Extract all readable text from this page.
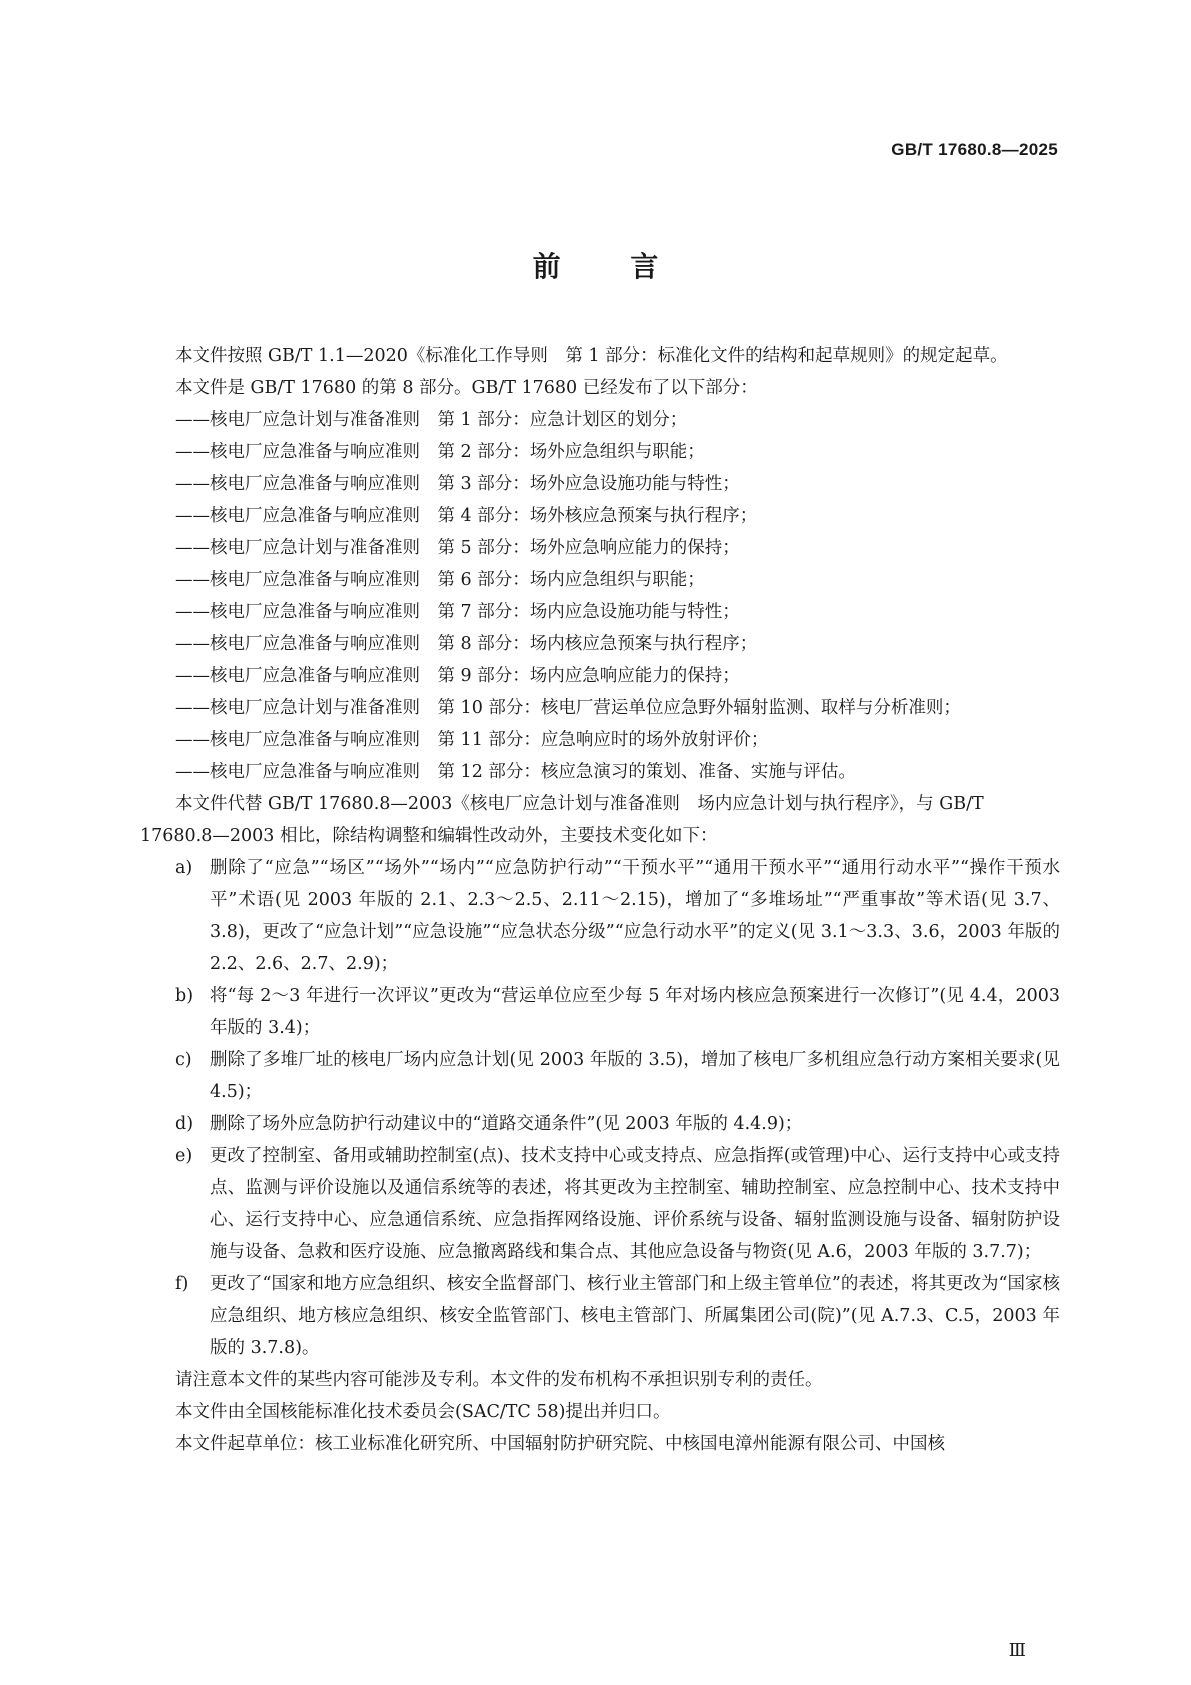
GB/T 17680.8—2025
前 言

本文件按照 GB/T 1.1—2020《标准化工作导则　第 1 部分：标准化文件的结构和起草规则》的规定起草。

本文件是 GB/T 17680 的第 8 部分。GB/T 17680 已经发布了以下部分：

——核电厂应急计划与准备准则　第 1 部分：应急计划区的划分；

——核电厂应急准备与响应准则　第 2 部分：场外应急组织与职能；

——核电厂应急准备与响应准则　第 3 部分：场外应急设施功能与特性；

——核电厂应急准备与响应准则　第 4 部分：场外核应急预案与执行程序；

——核电厂应急计划与准备准则　第 5 部分：场外应急响应能力的保持；

——核电厂应急准备与响应准则　第 6 部分：场内应急组织与职能；

——核电厂应急准备与响应准则　第 7 部分：场内应急设施功能与特性；

——核电厂应急准备与响应准则　第 8 部分：场内核应急预案与执行程序；

——核电厂应急准备与响应准则　第 9 部分：场内应急响应能力的保持；

——核电厂应急计划与准备准则　第 10 部分：核电厂营运单位应急野外辐射监测、取样与分析准则；

——核电厂应急准备与响应准则　第 11 部分：应急响应时的场外放射评价；

——核电厂应急准备与响应准则　第 12 部分：核应急演习的策划、准备、实施与评估。

本文件代替 GB/T 17680.8—2003《核电厂应急计划与准备准则　场内应急计划与执行程序》，与 GB/T 17680.8—2003 相比，除结构调整和编辑性改动外，主要技术变化如下：

a)	删除了“应急”“场区”“场外”“场内”“应急防护行动”“干预水平”“通用干预水平”“通用行动水平”“操作干预水平”术语(见 2003 年版的 2.1、2.3～2.5、2.11～2.15)，增加了“多堆场址”“严重事故”等术语(见 3.7、3.8)，更改了“应急计划”“应急设施”“应急状态分级”“应急行动水平”的定义(见 3.1～3.3、3.6，2003 年版的 2.2、2.6、2.7、2.9)；
b) 将“每 2～3 年进行一次评议”更改为“营运单位应至少每 5 年对场内核应急预案进行一次修订”(见 4.4，2003 年版的 3.4)；
c)	删除了多堆厂址的核电厂场内应急计划(见 2003 年版的 3.5)，增加了核电厂多机组应急行动方案相关要求(见 4.5)；
d) 删除了场外应急防护行动建议中的“道路交通条件”(见 2003 年版的 4.4.9)；
e)	更改了控制室、备用或辅助控制室(点)、技术支持中心或支持点、应急指挥(或管理)中心、运行支持中心或支持点、监测与评价设施以及通信系统等的表述，将其更改为主控制室、辅助控制室、应急控制中心、技术支持中心、运行支持中心、应急通信系统、应急指挥网络设施、评价系统与设备、辐射监测设施与设备、辐射防护设施与设备、急救和医疗设施、应急撤离路线和集合点、其他应急设备与物资(见 A.6，2003 年版的 3.7.7)；
f)	更改了“国家和地方应急组织、核安全监督部门、核行业主管部门和上级主管单位”的表述，将其更改为“国家核应急组织、地方核应急组织、核安全监管部门、核电主管部门、所属集团公司(院)”(见 A.7.3、C.5，2003 年版的 3.7.8)。

请注意本文件的某些内容可能涉及专利。本文件的发布机构不承担识别专利的责任。

本文件由全国核能标准化技术委员会(SAC/TC 58)提出并归口。

本文件起草单位：核工业标准化研究所、中国辐射防护研究院、中核国电漳州能源有限公司、中国核

Ⅲ
